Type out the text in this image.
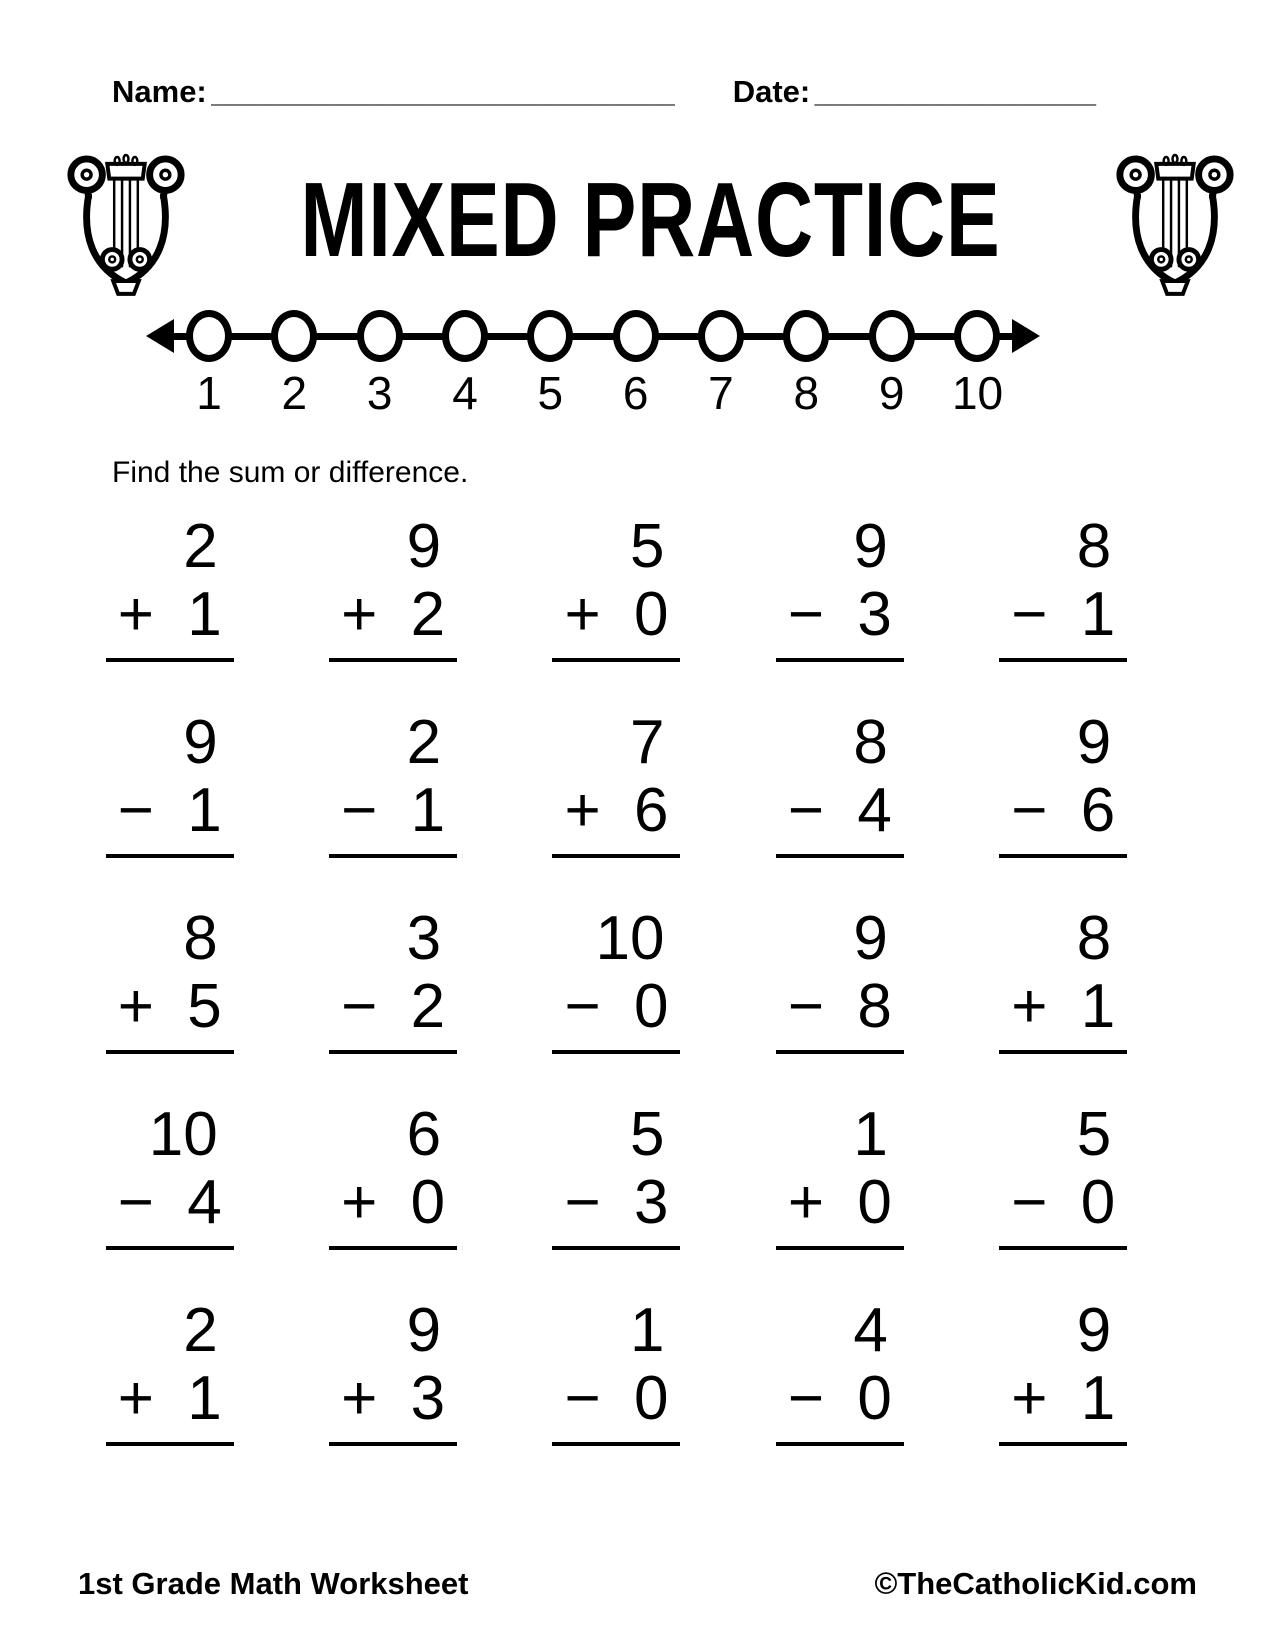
Name: _________________________________ Date: ____________________
MIXED PRACTICE
1 2 3 4 5 6 7 8 9 10
Find the sum or difference.
2
+ 1
9
+ 2
5
+ 0
9
− 3
8
− 1
9
− 1
2
− 1
7
+ 6
8
− 4
9
− 6
8
+ 5
3
− 2
10
− 0
9
− 8
8
+ 1
10
− 4
6
+ 0
5
− 3
1
+ 0
5
− 0
2
+ 1
9
+ 3
1
− 0
4
− 0
9
+ 1
1st Grade Math Worksheet	©TheCatholicKid.com
